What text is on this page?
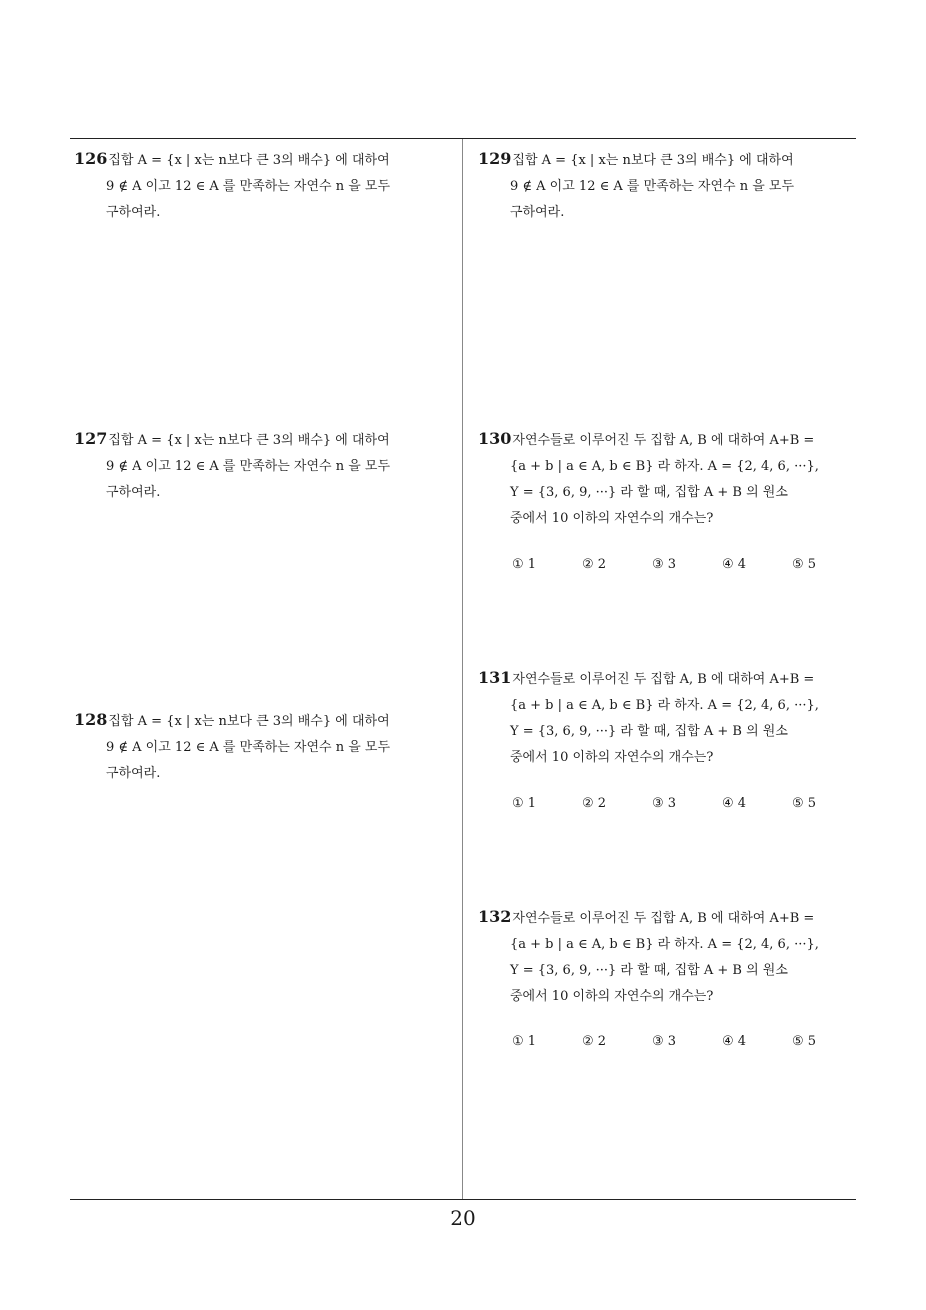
126집합 A = {x | x는 n보다 큰 3의 배수} 에 대하여
9 ∉ A 이고 12 ∈ A 를 만족하는 자연수 n 을 모두
구하여라.
127집합 A = {x | x는 n보다 큰 3의 배수} 에 대하여
9 ∉ A 이고 12 ∈ A 를 만족하는 자연수 n 을 모두
구하여라.
128집합 A = {x | x는 n보다 큰 3의 배수} 에 대하여
9 ∉ A 이고 12 ∈ A 를 만족하는 자연수 n 을 모두
구하여라.
129집합 A = {x | x는 n보다 큰 3의 배수} 에 대하여
9 ∉ A 이고 12 ∈ A 를 만족하는 자연수 n 을 모두
구하여라.
130자연수들로 이루어진 두 집합 A, B 에 대하여 A+B =
{a + b | a ∈ A, b ∈ B} 라 하자. A = {2, 4, 6, ···},
Y = {3, 6, 9, ···} 라 할 때, 집합 A + B 의 원소
중에서 10 이하의 자연수의 개수는?
① 1	② 2	③ 3	④ 4	⑤ 5
131자연수들로 이루어진 두 집합 A, B 에 대하여 A+B =
{a + b | a ∈ A, b ∈ B} 라 하자. A = {2, 4, 6, ···},
Y = {3, 6, 9, ···} 라 할 때, 집합 A + B 의 원소
중에서 10 이하의 자연수의 개수는?
① 1	② 2	③ 3	④ 4	⑤ 5
132자연수들로 이루어진 두 집합 A, B 에 대하여 A+B =
{a + b | a ∈ A, b ∈ B} 라 하자. A = {2, 4, 6, ···},
Y = {3, 6, 9, ···} 라 할 때, 집합 A + B 의 원소
중에서 10 이하의 자연수의 개수는?
① 1	② 2	③ 3	④ 4	⑤ 5
20
